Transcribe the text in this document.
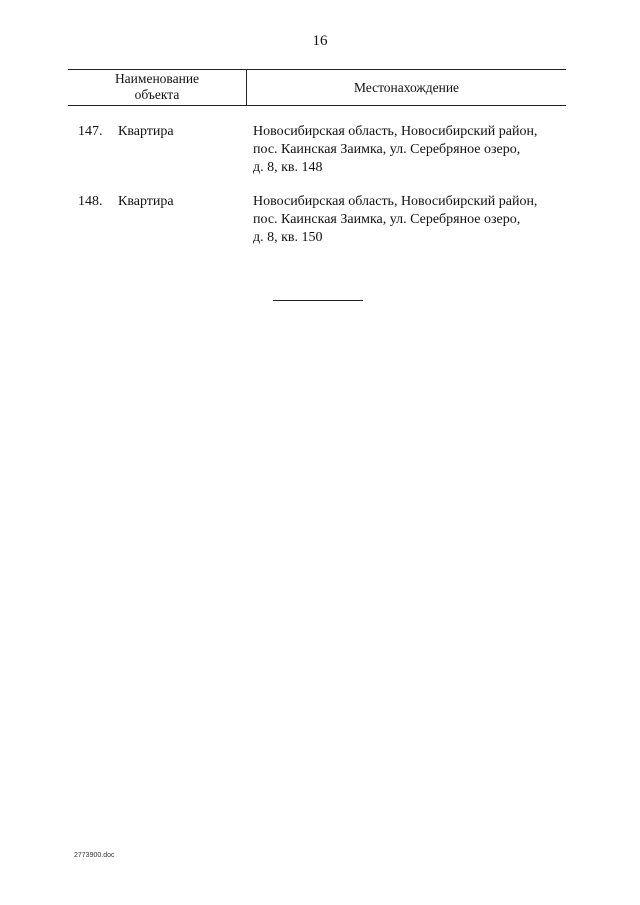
16
Наименование
объекта	Местонахождение
147. Квартира	Новосибирская область, Новосибирский район,
пос. Каинская Заимка, ул. Серебряное озеро,
д. 8, кв. 148
148. Квартира	Новосибирская область, Новосибирский район,
пос. Каинская Заимка, ул. Серебряное озеро,
д. 8, кв. 150
2773900.doc
